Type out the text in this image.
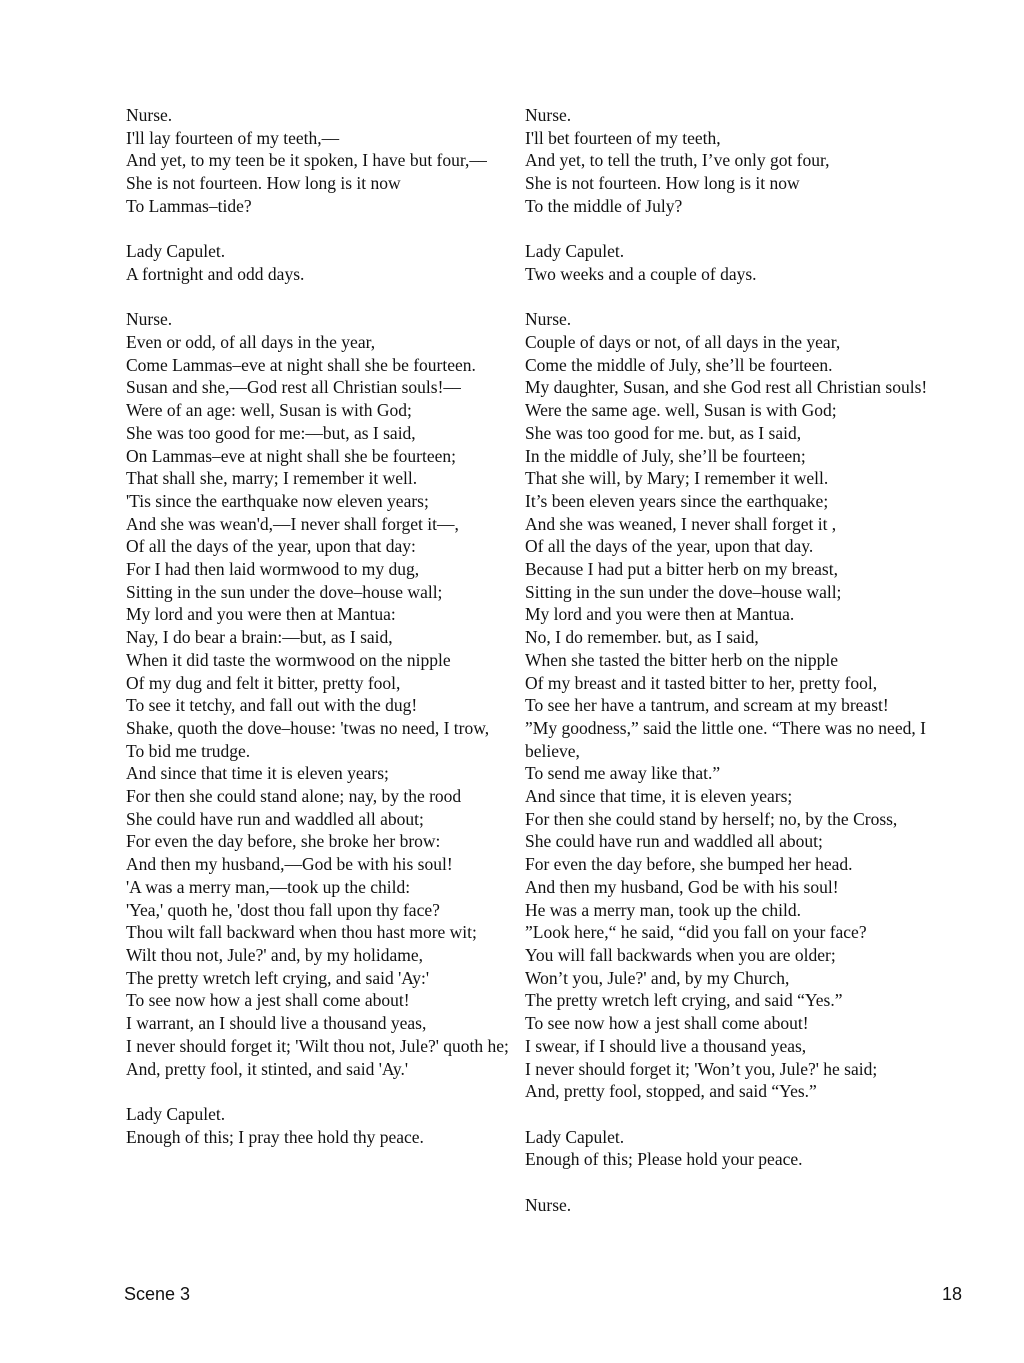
Nurse.
I'll lay fourteen of my teeth,––
And yet, to my teen be it spoken, I have but four,––
She is not fourteen. How long is it now
To Lammas–tide?
Lady Capulet.
A fortnight and odd days.
Nurse.
Even or odd, of all days in the year,
Come Lammas–eve at night shall she be fourteen.
Susan and she,––God rest all Christian souls!––
Were of an age: well, Susan is with God;
She was too good for me:––but, as I said,
On Lammas–eve at night shall she be fourteen;
That shall she, marry; I remember it well.
'Tis since the earthquake now eleven years;
And she was wean'd,––I never shall forget it––,
Of all the days of the year, upon that day:
For I had then laid wormwood to my dug,
Sitting in the sun under the dove–house wall;
My lord and you were then at Mantua:
Nay, I do bear a brain:––but, as I said,
When it did taste the wormwood on the nipple
Of my dug and felt it bitter, pretty fool,
To see it tetchy, and fall out with the dug!
Shake, quoth the dove–house: 'twas no need, I trow,
To bid me trudge.
And since that time it is eleven years;
For then she could stand alone; nay, by the rood
She could have run and waddled all about;
For even the day before, she broke her brow:
And then my husband,––God be with his soul!
'A was a merry man,––took up the child:
'Yea,' quoth he, 'dost thou fall upon thy face?
Thou wilt fall backward when thou hast more wit;
Wilt thou not, Jule?' and, by my holidame,
The pretty wretch left crying, and said 'Ay:'
To see now how a jest shall come about!
I warrant, an I should live a thousand yeas,
I never should forget it; 'Wilt thou not, Jule?' quoth he;
And, pretty fool, it stinted, and said 'Ay.'
Lady Capulet.
Enough of this; I pray thee hold thy peace.
Nurse.
I'll bet fourteen of my teeth,
And yet, to tell the truth, I’ve only got four,
She is not fourteen. How long is it now
To the middle of July?
Lady Capulet.
Two weeks and a couple of days.
Nurse.
Couple of days or not, of all days in the year,
Come the middle of July, she’ll be fourteen.
My daughter, Susan, and she God rest all Christian souls!
Were the same age. well, Susan is with God;
She was too good for me. but, as I said,
In the middle of July, she’ll be fourteen;
That she will, by Mary; I remember it well.
It’s been eleven years since the earthquake;
And she was weaned, I never shall forget it ,
Of all the days of the year, upon that day.
Because I had put a bitter herb on my breast,
Sitting in the sun under the dove–house wall;
My lord and you were then at Mantua.
No, I do remember. but, as I said,
When she tasted the bitter herb on the nipple
Of my breast and it tasted bitter to her, pretty fool,
To see her have a tantrum, and scream at my breast!
”My goodness,” said the little one. “There was no need, I believe,
To send me away like that.”
And since that time, it is eleven years;
For then she could stand by herself; no, by the Cross,
She could have run and waddled all about;
For even the day before, she bumped her head.
And then my husband, God be with his soul!
He was a merry man, took up the child.
”Look here,“ he said, “did you fall on your face?
You will fall backwards when you are older;
Won’t you, Jule?' and, by my Church,
The pretty wretch left crying, and said “Yes.”
To see now how a jest shall come about!
I swear, if I should live a thousand yeas,
I never should forget it; 'Won’t you, Jule?' he said;
And, pretty fool, stopped, and said “Yes.”
Lady Capulet.
Enough of this; Please hold your peace.
Nurse.
Scene 3	18
